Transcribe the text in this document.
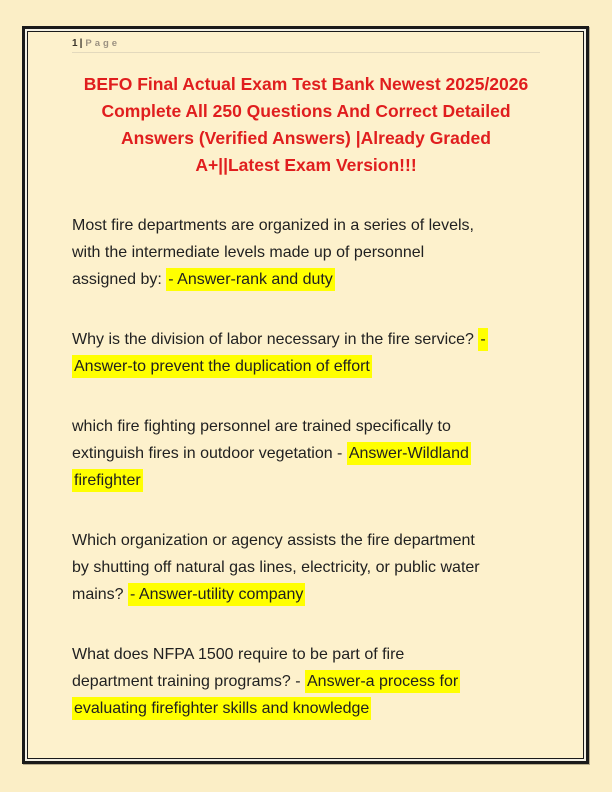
1 | Page
BEFO Final Actual Exam Test Bank Newest 2025/2026
Complete All 250 Questions And Correct Detailed
Answers (Verified Answers) |Already Graded
A+||Latest Exam Version!!!
Most fire departments are organized in a series of levels,
with the intermediate levels made up of personnel
assigned by: - Answer-rank and duty
Why is the division of labor necessary in the fire service? -
Answer-to prevent the duplication of effort
which fire fighting personnel are trained specifically to
extinguish fires in outdoor vegetation - Answer-Wildland
firefighter
Which organization or agency assists the fire department
by shutting off natural gas lines, electricity, or public water
mains? - Answer-utility company
What does NFPA 1500 require to be part of fire
department training programs? - Answer-a process for
evaluating firefighter skills and knowledge
